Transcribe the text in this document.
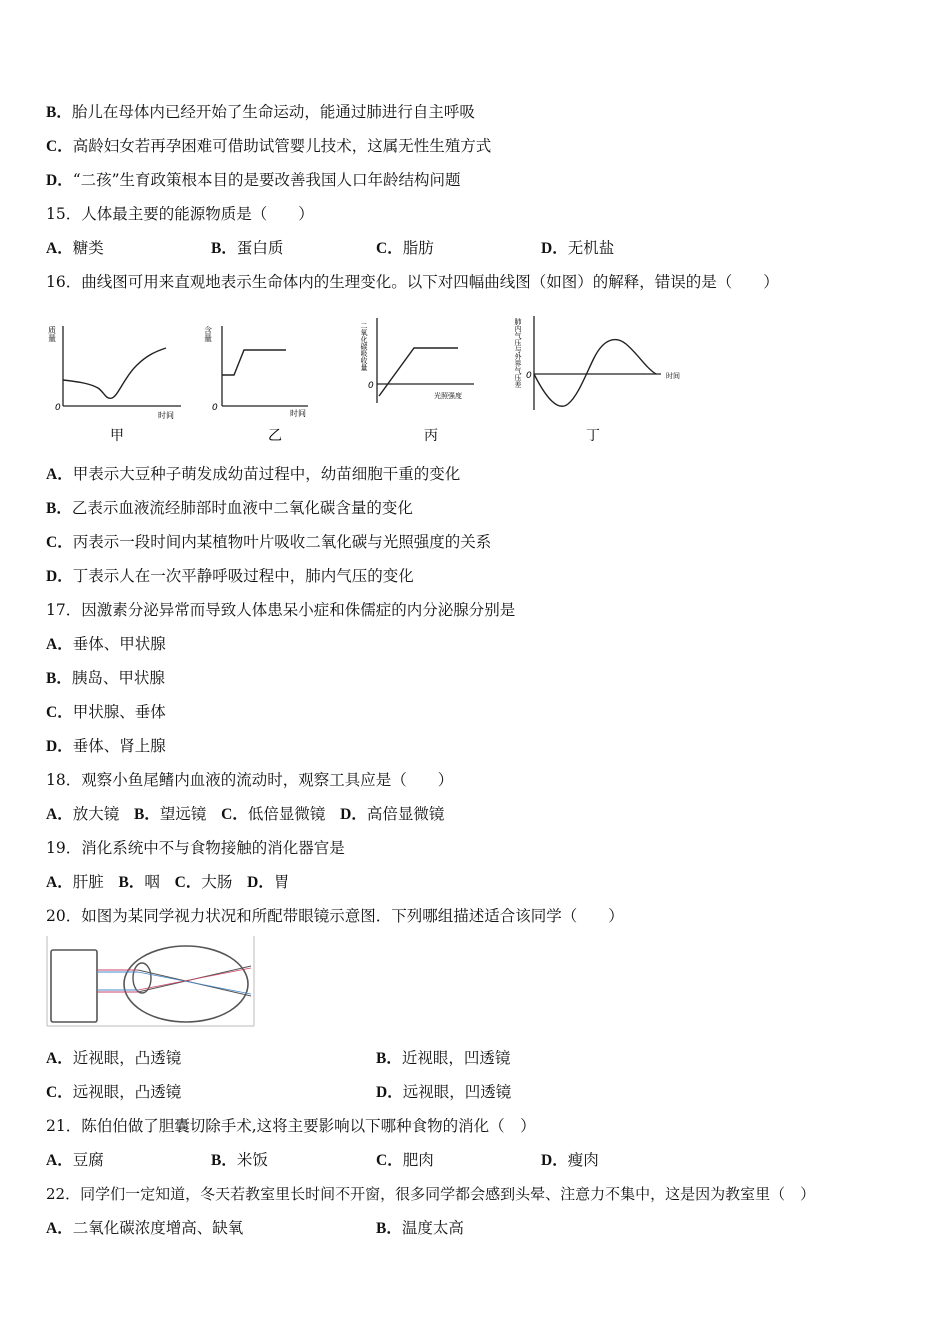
B．胎儿在母体内已经开始了生命运动，能通过肺进行自主呼吸
C．高龄妇女若再孕困难可借助试管婴儿技术，这属无性生殖方式
D．“二孩”生育政策根本目的是要改善我国人口年龄结构问题
15．人体最主要的能源物质是（　　）
A．糖类	B．蛋白质	C．脂肪	D．无机盐
16．曲线图可用来直观地表示生命体内的生理变化。以下对四幅曲线图（如图）的解释，错误的是（　　）
质量
0
时间
甲
含量
0
时间
乙
二氧化碳吸收量
0
光照强度
丙
肺内气压与外界气压差 0	时间
丁
A．甲表示大豆种子萌发成幼苗过程中，幼苗细胞干重的变化
B．乙表示血液流经肺部时血液中二氧化碳含量的变化
C．丙表示一段时间内某植物叶片吸收二氧化碳与光照强度的关系
D．丁表示人在一次平静呼吸过程中，肺内气压的变化
17．因激素分泌异常而导致人体患呆小症和侏儒症的内分泌腺分别是
A．垂体、甲状腺
B．胰岛、甲状腺
C．甲状腺、垂体
D．垂体、肾上腺
18．观察小鱼尾鳍内血液的流动时，观察工具应是（　　）
A．放大镜 B．望远镜 C．低倍显微镜 D．高倍显微镜
19．消化系统中不与食物接触的消化器官是
A．肝脏 B．咽 C．大肠 D．胃
20．如图为某同学视力状况和所配带眼镜示意图．下列哪组描述适合该同学（　　）
A．近视眼，凸透镜	B．近视眼，凹透镜
C．远视眼，凸透镜	D．远视眼，凹透镜
21．陈伯伯做了胆囊切除手术,这将主要影响以下哪种食物的消化（　）
A．豆腐	B．米饭	C．肥肉	D．瘦肉
22．同学们一定知道，冬天若教室里长时间不开窗，很多同学都会感到头晕、注意力不集中，这是因为教室里（　）
A．二氧化碳浓度增高、缺氧	B．温度太高
